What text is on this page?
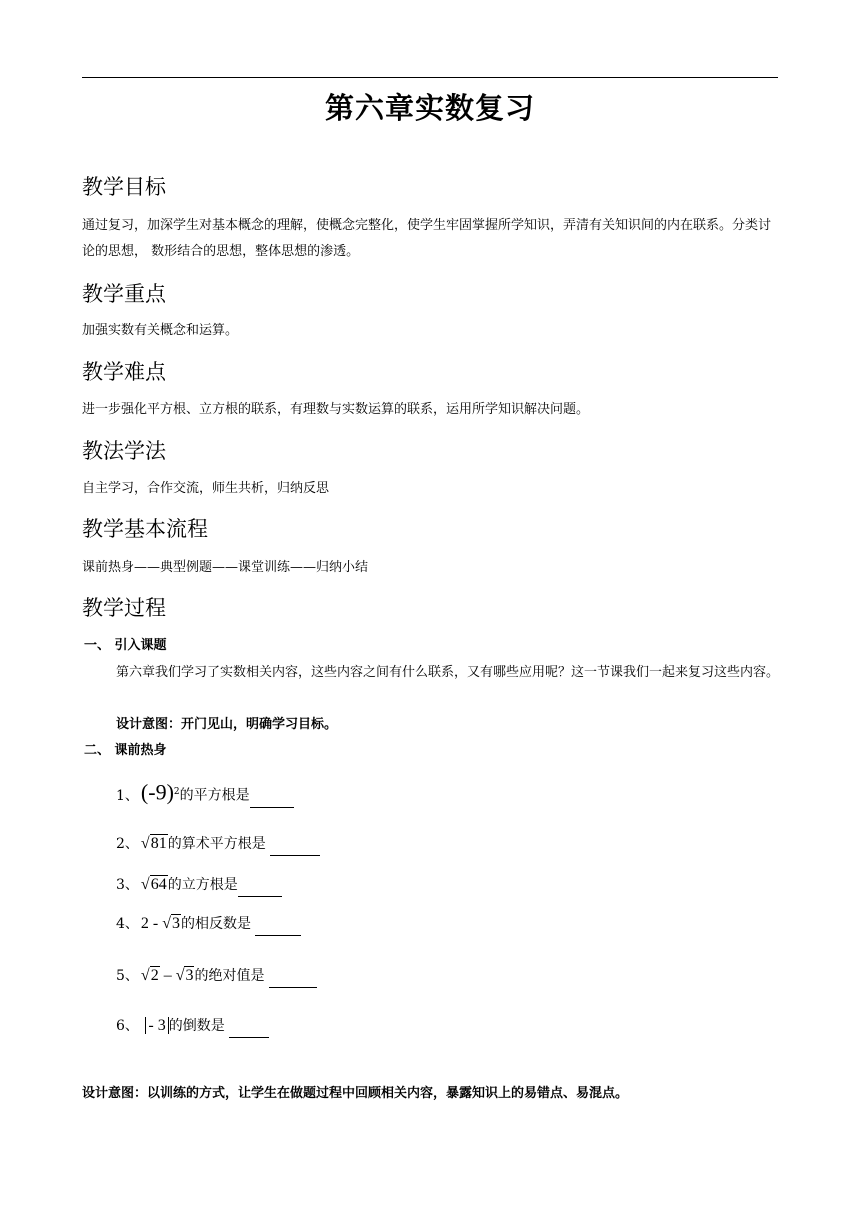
第六章实数复习
教学目标
通过复习，加深学生对基本概念的理解，使概念完整化，使学生牢固掌握所学知识，弄清有关知识间的内在联系。分类讨论的思想， 数形结合的思想，整体思想的渗透。
教学重点
加强实数有关概念和运算。
教学难点
进一步强化平方根、立方根的联系，有理数与实数运算的联系，运用所学知识解决问题。
教法学法
自主学习，合作交流，师生共析，归纳反思
教学基本流程
课前热身——典型例题——课堂训练——归纳小结
教学过程
一、 引入课题
第六章我们学习了实数相关内容，这些内容之间有什么联系，又有哪些应用呢？这一节课我们一起来复习这些内容。
设计意图：开门见山，明确学习目标。
二、 课前热身
1、$(-9)^2$的平方根是
2、 √81的算术平方根是
3、 √64的立方根是
4、 2 - √3的相反数是
5、 √2 – √3的绝对值是
6、 - 3 的倒数是
设计意图：以训练的方式，让学生在做题过程中回顾相关内容，暴露知识上的易错点、易混点。
